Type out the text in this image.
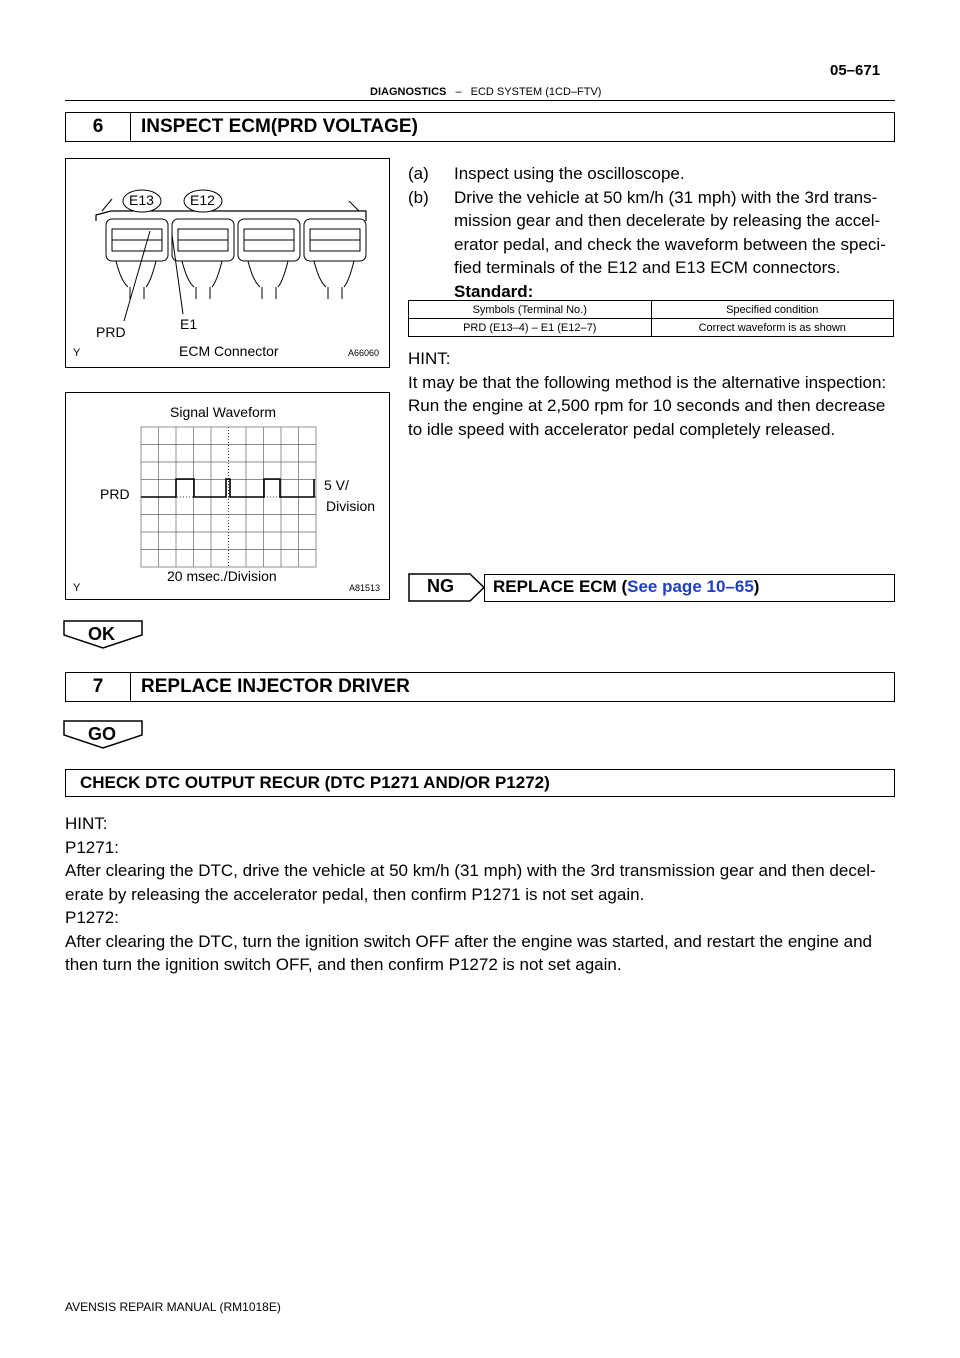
05–671
DIAGNOSTICS – ECD SYSTEM (1CD–FTV)
6	INSPECT ECM(PRD VOLTAGE)
E13	E12
PRD	E1
ECM Connector	A66060
Y
Signal Waveform
PRD
5 V/
Division
20 msec./Division
A81513
Y
(a) Inspect using the oscilloscope.
(b) Drive the vehicle at 50 km/h (31 mph) with the 3rd trans-
mission gear and then decelerate by releasing the accel-
erator pedal, and check the waveform between the speci-
fied terminals of the E12 and E13 ECM connectors.
Standard:
Symbols (Terminal No.)	Specified condition
PRD (E13–4) – E1 (E12–7)	Correct waveform is as shown
HINT:
It may be that the following method is the alternative inspection:
Run the engine at 2,500 rpm for 10 seconds and then decrease
to idle speed with accelerator pedal completely released.
NG REPLACE ECM (See page 10–65)
OK
7	REPLACE INJECTOR DRIVER
GO
CHECK DTC OUTPUT RECUR (DTC P1271 AND/OR P1272)
HINT:
P1271:
After clearing the DTC, drive the vehicle at 50 km/h (31 mph) with the 3rd transmission gear and then decel-
erate by releasing the accelerator pedal, then confirm P1271 is not set again.
P1272:
After clearing the DTC, turn the ignition switch OFF after the engine was started, and restart the engine and
then turn the ignition switch OFF, and then confirm P1272 is not set again.
AVENSIS REPAIR MANUAL (RM1018E)
